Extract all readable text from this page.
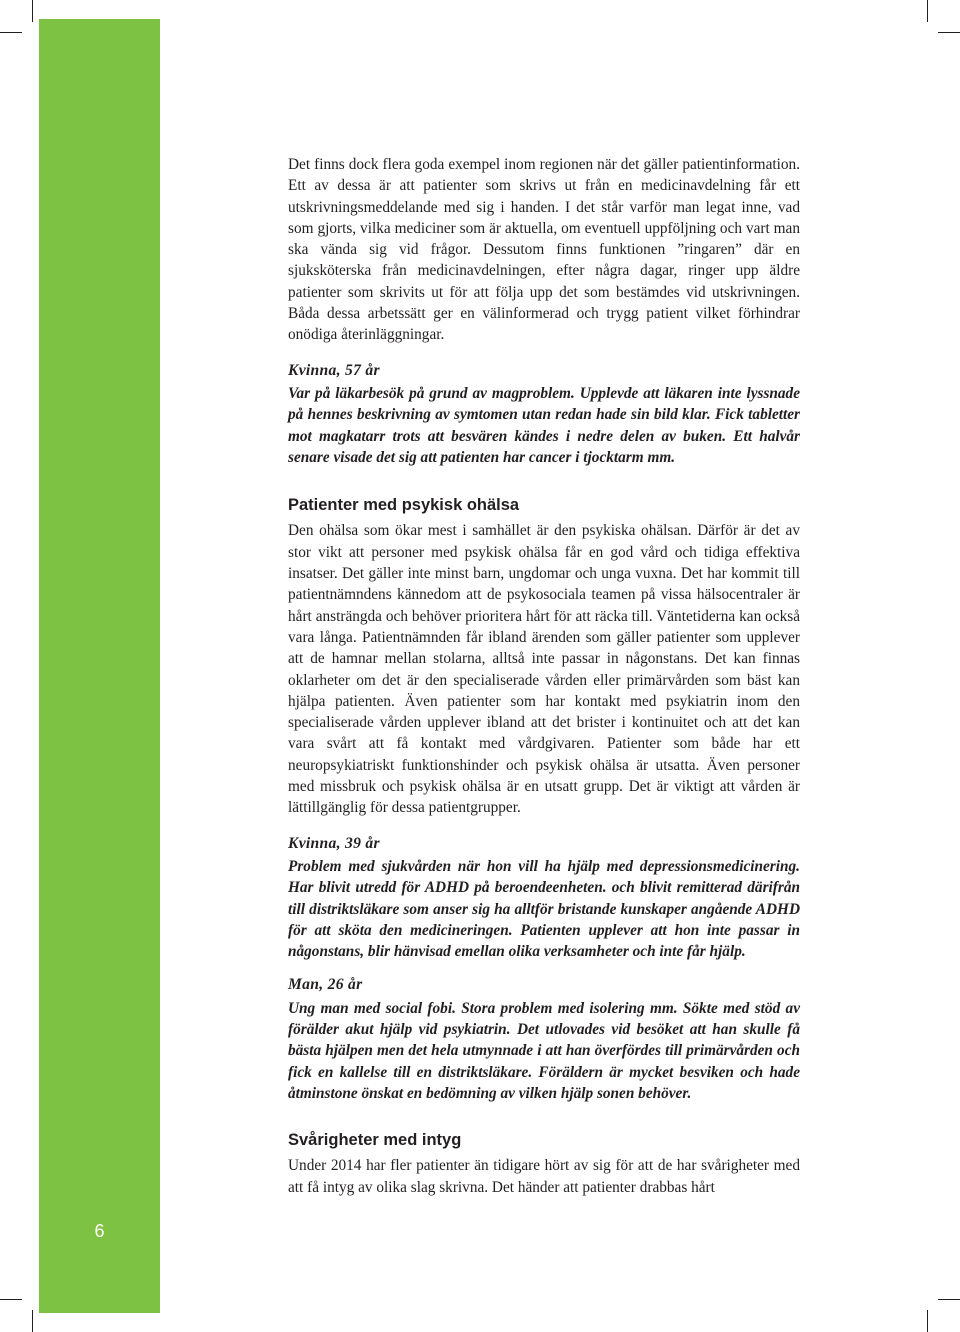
6

Det finns dock flera goda exempel inom regionen när det gäller patientinformation. Ett av dessa är att patienter som skrivs ut från en medicinavdelning får ett utskrivningsmeddelande med sig i handen. I det står varför man legat inne, vad som gjorts, vilka mediciner som är aktuella, om eventuell uppföljning och vart man ska vända sig vid frågor. Dessutom finns funktionen ”ringaren” där en sjuksköterska från medicinavdelningen, efter några dagar, ringer upp äldre patienter som skrivits ut för att följa upp det som bestämdes vid utskrivningen. Båda dessa arbetssätt ger en välinformerad och trygg patient vilket förhindrar onödiga återinläggningar.

Kvinna, 57 år

Var på läkarbesök på grund av magproblem. Upplevde att läkaren inte lyssnade på hennes beskrivning av symtomen utan redan hade sin bild klar. Fick tabletter mot magkatarr trots att besvären kändes i nedre delen av buken. Ett halvår senare visade det sig att patienten har cancer i tjocktarm mm.

Patienter med psykisk ohälsa

Den ohälsa som ökar mest i samhället är den psykiska ohälsan. Därför är det av stor vikt att personer med psykisk ohälsa får en god vård och tidiga effektiva insatser. Det gäller inte minst barn, ungdomar och unga vuxna. Det har kommit till patientnämndens kännedom att de psykosociala teamen på vissa hälsocentraler är hårt ansträngda och behöver prioritera hårt för att räcka till. Väntetiderna kan också vara långa. Patientnämnden får ibland ärenden som gäller patienter som upplever att de hamnar mellan stolarna, alltså inte passar in någonstans. Det kan finnas oklarheter om det är den specialiserade vården eller primärvården som bäst kan hjälpa patienten. Även patienter som har kontakt med psykiatrin inom den specialiserade vården upplever ibland att det brister i kontinuitet och att det kan vara svårt att få kontakt med vårdgivaren. Patienter som både har ett neuropsykiatriskt funktionshinder och psykisk ohälsa är utsatta. Även personer med missbruk och psykisk ohälsa är en utsatt grupp. Det är viktigt att vården är lättillgänglig för dessa patientgrupper.

Kvinna, 39 år

Problem med sjukvården när hon vill ha hjälp med depressionsmedicinering. Har blivit utredd för ADHD på beroendeenheten. och blivit remitterad därifrån till distriktsläkare som anser sig ha alltför bristande kunskaper angående ADHD för att sköta den medicineringen. Patienten upplever att hon inte passar in någonstans, blir hänvisad emellan olika verksamheter och inte får hjälp.

Man, 26 år

Ung man med social fobi. Stora problem med isolering mm. Sökte med stöd av förälder akut hjälp vid psykiatrin. Det utlovades vid besöket att han skulle få bästa hjälpen men det hela utmynnade i att han överfördes till primärvården och fick en kallelse till en distriktsläkare. Föräldern är mycket besviken och hade åtminstone önskat en bedömning av vilken hjälp sonen behöver.

Svårigheter med intyg

Under 2014 har fler patienter än tidigare hört av sig för att de har svårigheter med att få intyg av olika slag skrivna. Det händer att patienter drabbas hårt
